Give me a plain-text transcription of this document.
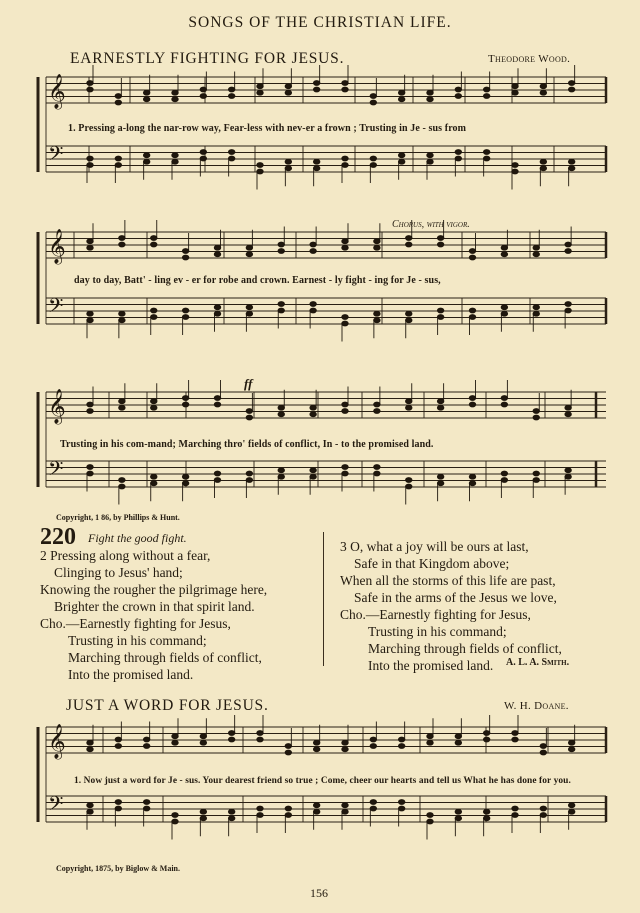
SONGS OF THE CHRISTIAN LIFE.
EARNESTLY FIGHTING FOR JESUS.	Theodore Wood.
𝄞
𝄢
𝄞
𝄢
𝄞
𝄢
𝄞
𝄢
1. Pressing a-long the nar-row way, Fear-less with nev-er a frown ; Trusting in Je - sus from
Chorus, with vigor.
day to day, Batt' - ling ev - er for robe and crown. Earnest - ly fight - ing for Je - sus,
ff
Trusting in his com-mand; Marching thro' fields of conflict, In - to the promised land.
Copyright, 1 86, by Phillips & Hunt.
220 Fight the good fight.
2 Pressing along without a fear,
Clinging to Jesus' hand;
Knowing the rougher the pilgrimage here,
Brighter the crown in that spirit land.
Cho.—Earnestly fighting for Jesus,
Trusting in his command;
Marching through fields of conflict,
Into the promised land.
3 O, what a joy will be ours at last,
Safe in that Kingdom above;
When all the storms of this life are past,
Safe in the arms of the Jesus we love,
Cho.—Earnestly fighting for Jesus,
Trusting in his command;
Marching through fields of conflict,
Into the promised land.	A. L. A. Smith.
JUST A WORD FOR JESUS.	W. H. Doane.
1. Now just a word for Je - sus. Your dearest friend so true ; Come, cheer our hearts and tell us What he has done for you.
Copyright, 1875, by Biglow & Main.
156
